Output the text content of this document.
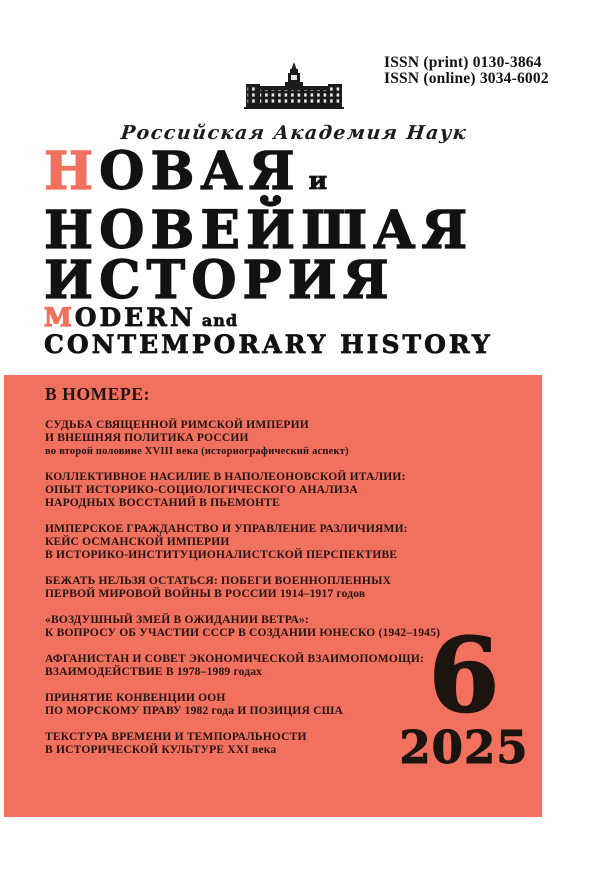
ISSN (print) 0130-3864
ISSN (online) 3034-6002
Российская Академия Наук
НОВАЯ и
НОВЕЙШАЯ
ИСТОРИЯ
MODERN and
CONTEMPORARY HISTORY
В НОМЕРЕ:
СУДЬБА СВЯЩЕННОЙ РИМСКОЙ ИМПЕРИИ
И ВНЕШНЯЯ ПОЛИТИКА РОССИИ
во второй половине XVIII века (историографический аспект)
КОЛЛЕКТИВНОЕ НАСИЛИЕ В НАПОЛЕОНОВСКОЙ ИТАЛИИ:
ОПЫТ ИСТОРИКО-СОЦИОЛОГИЧЕСКОГО АНАЛИЗА
НАРОДНЫХ ВОССТАНИЙ В ПЬЕМОНТЕ
ИМПЕРСКОЕ ГРАЖДАНСТВО И УПРАВЛЕНИЕ РАЗЛИЧИЯМИ:
КЕЙС ОСМАНСКОЙ ИМПЕРИИ
В ИСТОРИКО-ИНСТИТУЦИОНАЛИСТСКОЙ ПЕРСПЕКТИВЕ
БЕЖАТЬ НЕЛЬЗЯ ОСТАТЬСЯ: ПОБЕГИ ВОЕННОПЛЕННЫХ
ПЕРВОЙ МИРОВОЙ ВОЙНЫ В РОССИИ 1914–1917 годов
«ВОЗДУШНЫЙ ЗМЕЙ В ОЖИДАНИИ ВЕТРА»:
К ВОПРОСУ ОБ УЧАСТИИ СССР В СОЗДАНИИ ЮНЕСКО (1942–1945)
АФГАНИСТАН И СОВЕТ ЭКОНОМИЧЕСКОЙ ВЗАИМОПОМОЩИ:
ВЗАИМОДЕЙСТВИЕ В 1978–1989 годах
ПРИНЯТИЕ КОНВЕНЦИИ ООН
ПО МОРСКОМУ ПРАВУ 1982 года И ПОЗИЦИЯ США
ТЕКСТУРА ВРЕМЕНИ И ТЕМПОРАЛЬНОСТИ
В ИСТОРИЧЕСКОЙ КУЛЬТУРЕ XXI века
6
2025
